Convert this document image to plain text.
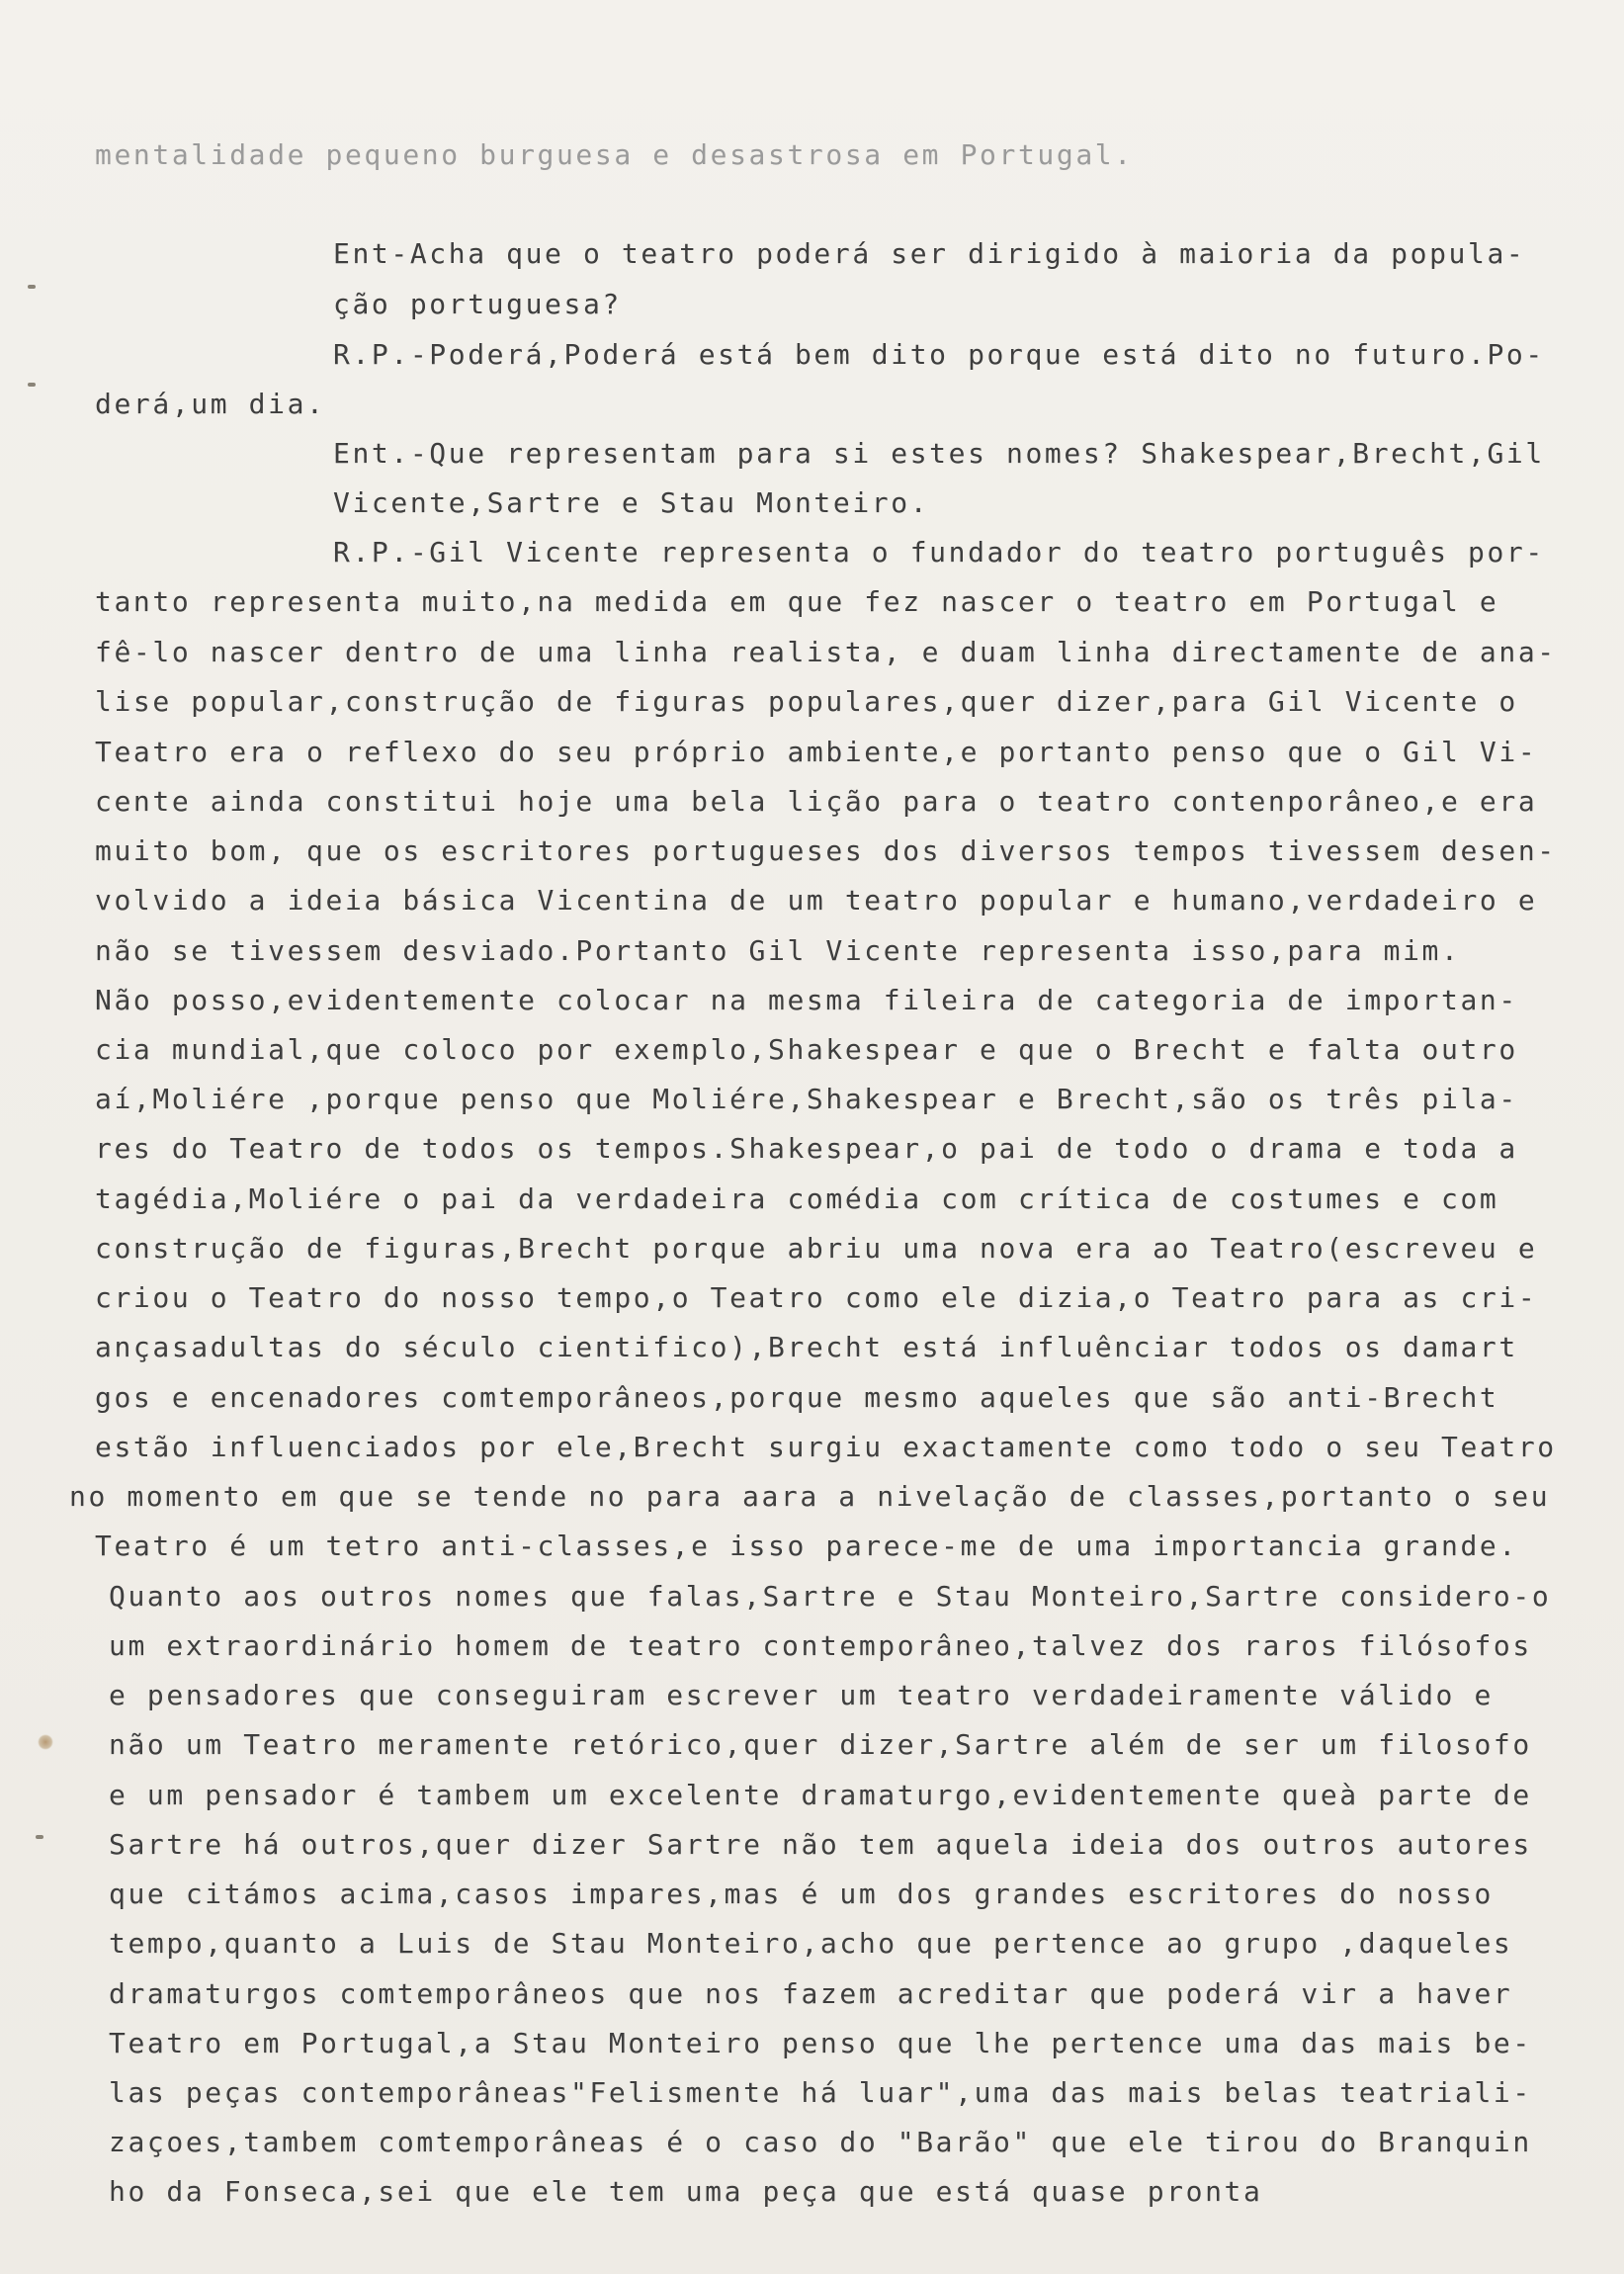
mentalidade pequeno burguesa e desastrosa em Portugal.

Ent-Acha que o teatro poderá ser dirigido à maioria da popula-

ção portuguesa?

R.P.-Poderá,Poderá está bem dito porque está dito no futuro.Po-

derá,um dia.

Ent.-Que representam para si estes nomes? Shakespear,Brecht,Gil

Vicente,Sartre e Stau Monteiro.

R.P.-Gil Vicente representa o fundador do teatro português por-

tanto representa muito,na medida em que fez nascer o teatro em Portugal e

fê-lo nascer dentro de uma linha realista, e duam linha directamente de ana-

lise popular,construção de figuras populares,quer dizer,para Gil Vicente o

Teatro era o reflexo do seu próprio ambiente,e portanto penso que o Gil Vi-

cente ainda constitui hoje uma bela lição para o teatro contenporâneo,e era

muito bom, que os escritores portugueses dos diversos tempos tivessem desen-

volvido a ideia básica Vicentina de um teatro popular e humano,verdadeiro e

não se tivessem desviado.Portanto Gil Vicente representa isso,para mim.

Não posso,evidentemente colocar na mesma fileira de categoria de importan-

cia mundial,que coloco por exemplo,Shakespear e que o Brecht e falta outro

aí,Moliére ,porque penso que Moliére,Shakespear e Brecht,são os três pila-

res do Teatro de todos os tempos.Shakespear,o pai de todo o drama e toda a

tagédia,Moliére o pai da verdadeira comédia com crítica de costumes e com

construção de figuras,Brecht porque abriu uma nova era ao Teatro(escreveu e

criou o Teatro do nosso tempo,o Teatro como ele dizia,o Teatro para as cri-

ançasadultas do século cientifico),Brecht está influênciar todos os damart

gos e encenadores comtemporâneos,porque mesmo aqueles que são anti-Brecht

estão influenciados por ele,Brecht surgiu exactamente como todo o seu Teatro

no momento em que se tende no para aara a nivelação de classes,portanto o seu

Teatro é um tetro anti-classes,e isso parece-me de uma importancia grande.

Quanto aos outros nomes que falas,Sartre e Stau Monteiro,Sartre considero-o

um extraordinário homem de teatro contemporâneo,talvez dos raros filósofos

e pensadores que conseguiram escrever um teatro verdadeiramente válido e

não um Teatro meramente retórico,quer dizer,Sartre além de ser um filosofo

e um pensador é tambem um excelente dramaturgo,evidentemente queà parte de

Sartre há outros,quer dizer Sartre não tem aquela ideia dos outros autores

que citámos acima,casos impares,mas é um dos grandes escritores do nosso

tempo,quanto a Luis de Stau Monteiro,acho que pertence ao grupo ,daqueles

dramaturgos comtemporâneos que nos fazem acreditar que poderá vir a haver

Teatro em Portugal,a Stau Monteiro penso que lhe pertence uma das mais be-

las peças contemporâneas"Felismente há luar",uma das mais belas teatriali-

zaçoes,tambem comtemporâneas é o caso do "Barão" que ele tirou do Branquin

ho da Fonseca,sei que ele tem uma peça que está quase pronta
